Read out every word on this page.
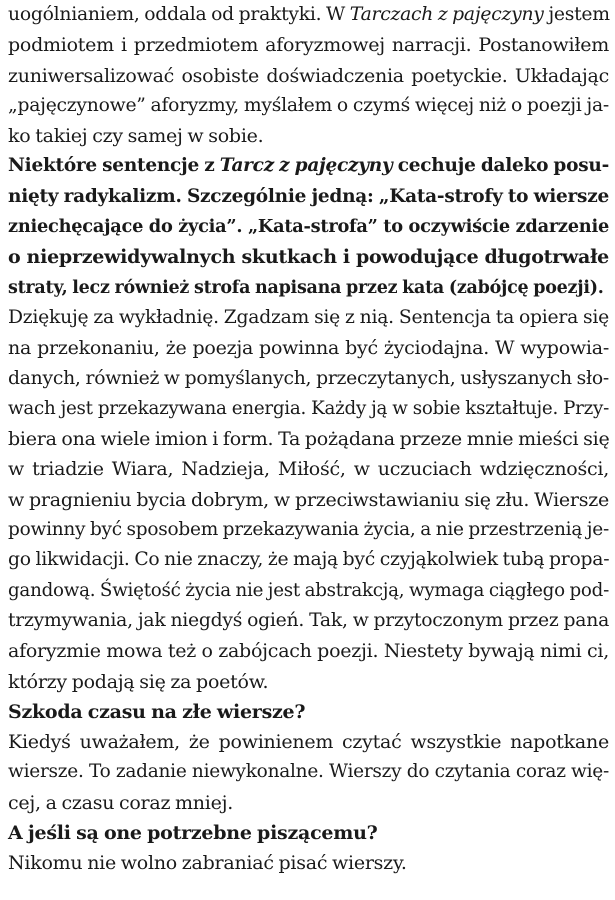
uogólnianiem, oddala od praktyki. W Tarczach z pajęczyny jestem
podmiotem i przedmiotem aforyzmowej narracji. Postanowiłem
zuniwersalizować osobiste doświadczenia poetyckie. Układając
„pajęczynowe” aforyzmy, myślałem o czymś więcej niż o poezji ja-
ko takiej czy samej w sobie.
Niektóre sentencje z Tarcz z pajęczyny cechuje daleko posu-
nięty radykalizm. Szczególnie jedną: „Kata-strofy to wiersze
zniechęcające do życia”. „Kata-strofa” to oczywiście zdarzenie
o nieprzewidywalnych skutkach i powodujące długotrwałe
straty, lecz również strofa napisana przez kata (zabójcę poezji).
Dziękuję za wykładnię. Zgadzam się z nią. Sentencja ta opiera się
na przekonaniu, że poezja powinna być życiodajna. W wypowia-
danych, również w pomyślanych, przeczytanych, usłyszanych sło-
wach jest przekazywana energia. Każdy ją w sobie kształtuje. Przy-
biera ona wiele imion i form. Ta pożądana przeze mnie mieści się
w triadzie Wiara, Nadzieja, Miłość, w uczuciach wdzięczności,
w pragnieniu bycia dobrym, w przeciwstawianiu się złu. Wiersze
powinny być sposobem przekazywania życia, a nie przestrzenią je-
go likwidacji. Co nie znaczy, że mają być czyjąkolwiek tubą propa-
gandową. Świętość życia nie jest abstrakcją, wymaga ciągłego pod-
trzymywania, jak niegdyś ogień. Tak, w przytoczonym przez pana
aforyzmie mowa też o zabójcach poezji. Niestety bywają nimi ci,
którzy podają się za poetów.
Szkoda czasu na złe wiersze?
Kiedyś uważałem, że powinienem czytać wszystkie napotkane
wiersze. To zadanie niewykonalne. Wierszy do czytania coraz wię-
cej, a czasu coraz mniej.
A jeśli są one potrzebne piszącemu?
Nikomu nie wolno zabraniać pisać wierszy.
